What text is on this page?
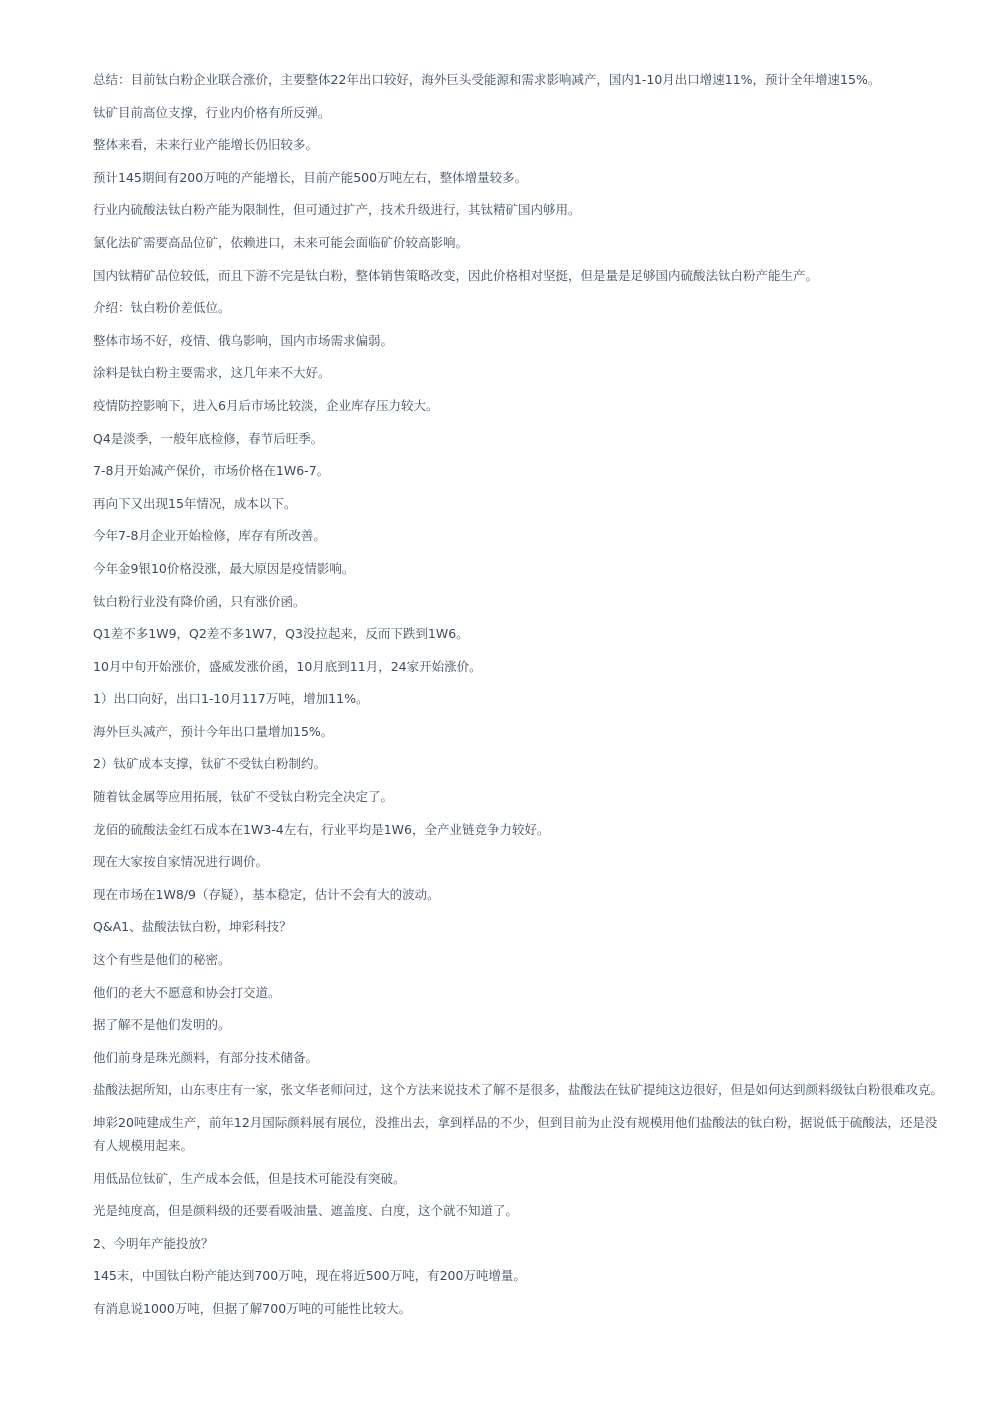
总结：目前钛白粉企业联合涨价，主要整体22年出口较好，海外巨头受能源和需求影响减产，国内1-10月出口增速11%，预计全年增速15%。

钛矿目前高位支撑，行业内价格有所反弹。

整体来看，未来行业产能增长仍旧较多。

预计145期间有200万吨的产能增长，目前产能500万吨左右，整体增量较多。

行业内硫酸法钛白粉产能为限制性，但可通过扩产，技术升级进行，其钛精矿国内够用。

氯化法矿需要高品位矿，依赖进口，未来可能会面临矿价较高影响。

国内钛精矿品位较低，而且下游不完是钛白粉，整体销售策略改变，因此价格相对坚挺，但是量是足够国内硫酸法钛白粉产能生产。

介绍：钛白粉价差低位。

整体市场不好，疫情、俄乌影响，国内市场需求偏弱。

涂料是钛白粉主要需求，这几年来不大好。

疫情防控影响下，进入6月后市场比较淡，企业库存压力较大。

Q4是淡季，一般年底检修，春节后旺季。

7-8月开始减产保价，市场价格在1W6-7。

再向下又出现15年情况，成本以下。

今年7-8月企业开始检修，库存有所改善。

今年金9银10价格没涨，最大原因是疫情影响。

钛白粉行业没有降价函，只有涨价函。

Q1差不多1W9，Q2差不多1W7，Q3没拉起来，反而下跌到1W6。

10月中旬开始涨价，盛威发涨价函，10月底到11月，24家开始涨价。

1）出口向好，出口1-10月117万吨，增加11%。

海外巨头减产，预计今年出口量增加15%。

2）钛矿成本支撑，钛矿不受钛白粉制约。

随着钛金属等应用拓展，钛矿不受钛白粉完全决定了。

龙佰的硫酸法金红石成本在1W3-4左右，行业平均是1W6，全产业链竞争力较好。

现在大家按自家情况进行调价。

现在市场在1W8/9（存疑），基本稳定，估计不会有大的波动。

Q&A1、盐酸法钛白粉，坤彩科技？

这个有些是他们的秘密。

他们的老大不愿意和协会打交道。

据了解不是他们发明的。

他们前身是珠光颜料，有部分技术储备。

盐酸法据所知，山东枣庄有一家，张文华老师问过，这个方法来说技术了解不是很多，盐酸法在钛矿提纯这边很好，但是如何达到颜料级钛白粉很难攻克。

坤彩20吨建成生产，前年12月国际颜料展有展位，没推出去，拿到样品的不少，但到目前为止没有规模用他们盐酸法的钛白粉，据说低于硫酸法，还是没有人规模用起来。

用低品位钛矿，生产成本会低，但是技术可能没有突破。

光是纯度高，但是颜料级的还要看吸油量、遮盖度、白度，这个就不知道了。

2、今明年产能投放？

145末，中国钛白粉产能达到700万吨，现在将近500万吨，有200万吨增量。

有消息说1000万吨，但据了解700万吨的可能性比较大。
